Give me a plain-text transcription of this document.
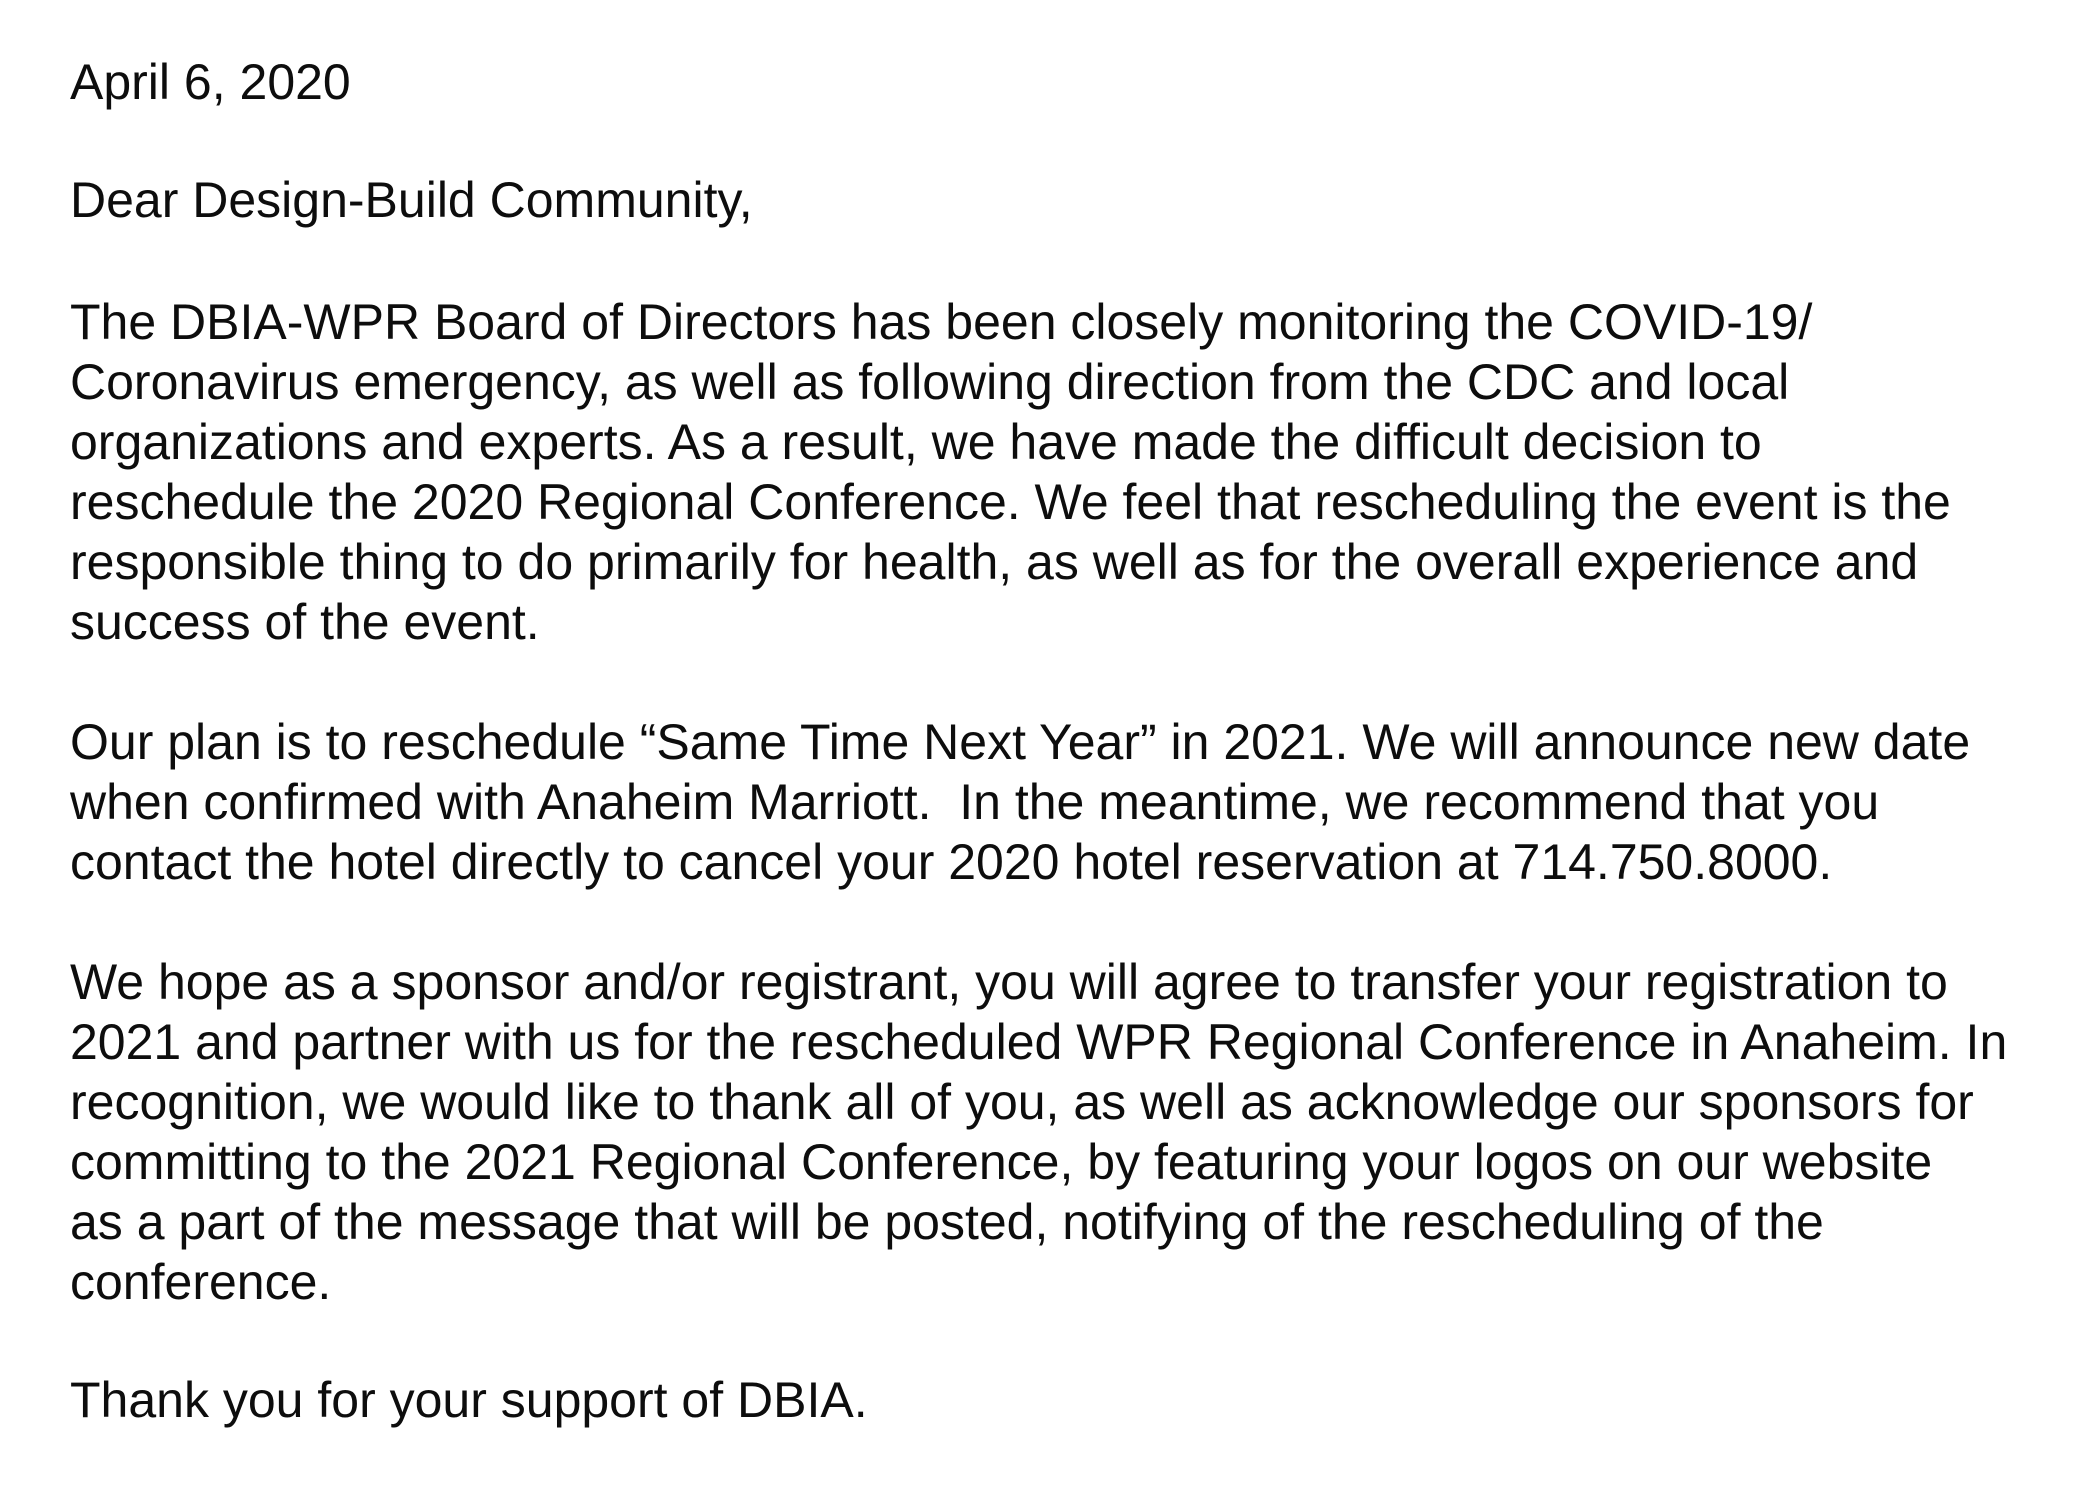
April 6, 2020

Dear Design-Build Community,

The DBIA-WPR Board of Directors has been closely monitoring the COVID-19/

Coronavirus emergency, as well as following direction from the CDC and local

organizations and experts. As a result, we have made the difficult decision to

reschedule the 2020 Regional Conference. We feel that rescheduling the event is the

responsible thing to do primarily for health, as well as for the overall experience and

success of the event.

Our plan is to reschedule “Same Time Next Year” in 2021. We will announce new date

when confirmed with Anaheim Marriott.  In the meantime, we recommend that you

contact the hotel directly to cancel your 2020 hotel reservation at 714.750.8000.

We hope as a sponsor and/or registrant, you will agree to transfer your registration to

2021 and partner with us for the rescheduled WPR Regional Conference in Anaheim. In

recognition, we would like to thank all of you, as well as acknowledge our sponsors for

committing to the 2021 Regional Conference, by featuring your logos on our website

as a part of the message that will be posted, notifying of the rescheduling of the

conference.

Thank you for your support of DBIA.
